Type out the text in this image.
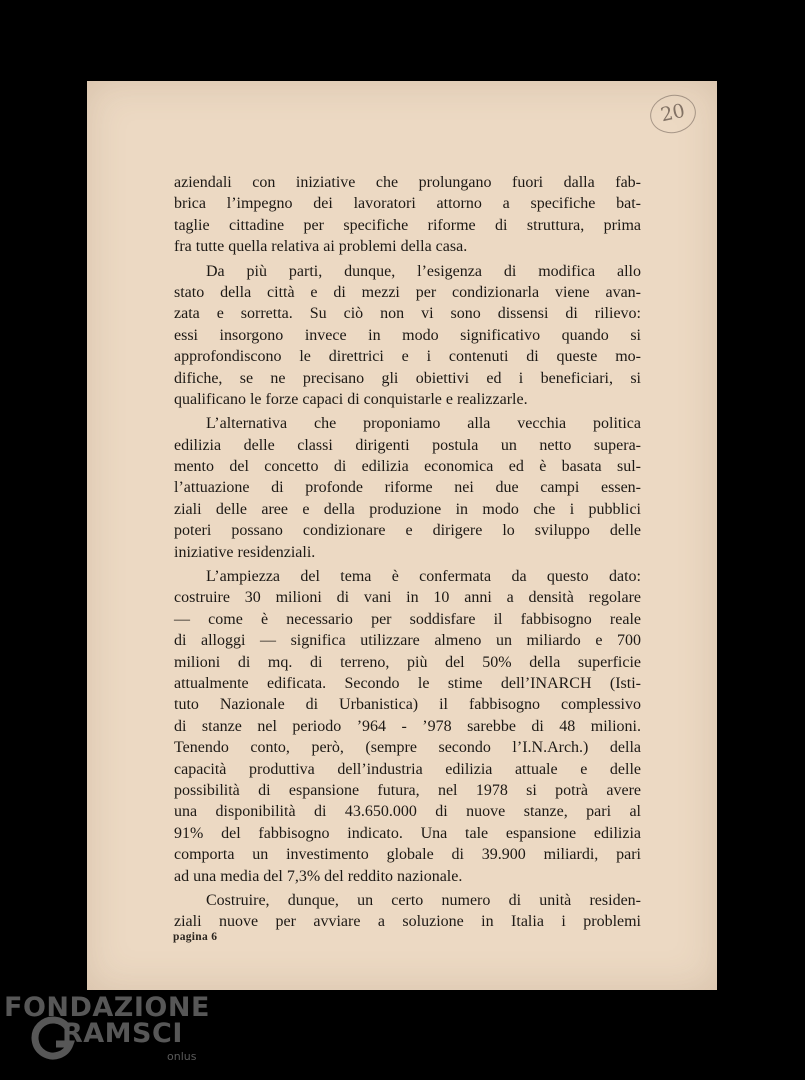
20
aziendali con iniziative che prolungano fuori dalla fab-
brica l’impegno dei lavoratori attorno a specifiche bat-
taglie cittadine per specifiche riforme di struttura, prima
fra tutte quella relativa ai problemi della casa.
Da più parti, dunque, l’esigenza di modifica allo
stato della città e di mezzi per condizionarla viene avan-
zata e sorretta. Su ciò non vi sono dissensi di rilievo:
essi insorgono invece in modo significativo quando si
approfondiscono le direttrici e i contenuti di queste mo-
difiche, se ne precisano gli obiettivi ed i beneficiari, si
qualificano le forze capaci di conquistarle e realizzarle.
L’alternativa che proponiamo alla vecchia politica
edilizia delle classi dirigenti postula un netto supera-
mento del concetto di edilizia economica ed è basata sul-
l’attuazione di profonde riforme nei due campi essen-
ziali delle aree e della produzione in modo che i pubblici
poteri possano condizionare e dirigere lo sviluppo delle
iniziative residenziali.
L’ampiezza del tema è confermata da questo dato:
costruire 30 milioni di vani in 10 anni a densità regolare
— come è necessario per soddisfare il fabbisogno reale
di alloggi — significa utilizzare almeno un miliardo e 700
milioni di mq. di terreno, più del 50% della superficie
attualmente edificata. Secondo le stime dell’INARCH (Isti-
tuto Nazionale di Urbanistica) il fabbisogno complessivo
di stanze nel periodo ’964 - ’978 sarebbe di 48 milioni.
Tenendo conto, però, (sempre secondo l’I.N.Arch.) della
capacità produttiva dell’industria edilizia attuale e delle
possibilità di espansione futura, nel 1978 si potrà avere
una disponibilità di 43.650.000 di nuove stanze, pari al
91% del fabbisogno indicato. Una tale espansione edilizia
comporta un investimento globale di 39.900 miliardi, pari
ad una media del 7,3% del reddito nazionale.
Costruire, dunque, un certo numero di unità residen-
ziali nuove per avviare a soluzione in Italia i problemi
pagina 6
FONDAZIONE
RAMSCI
onlus
